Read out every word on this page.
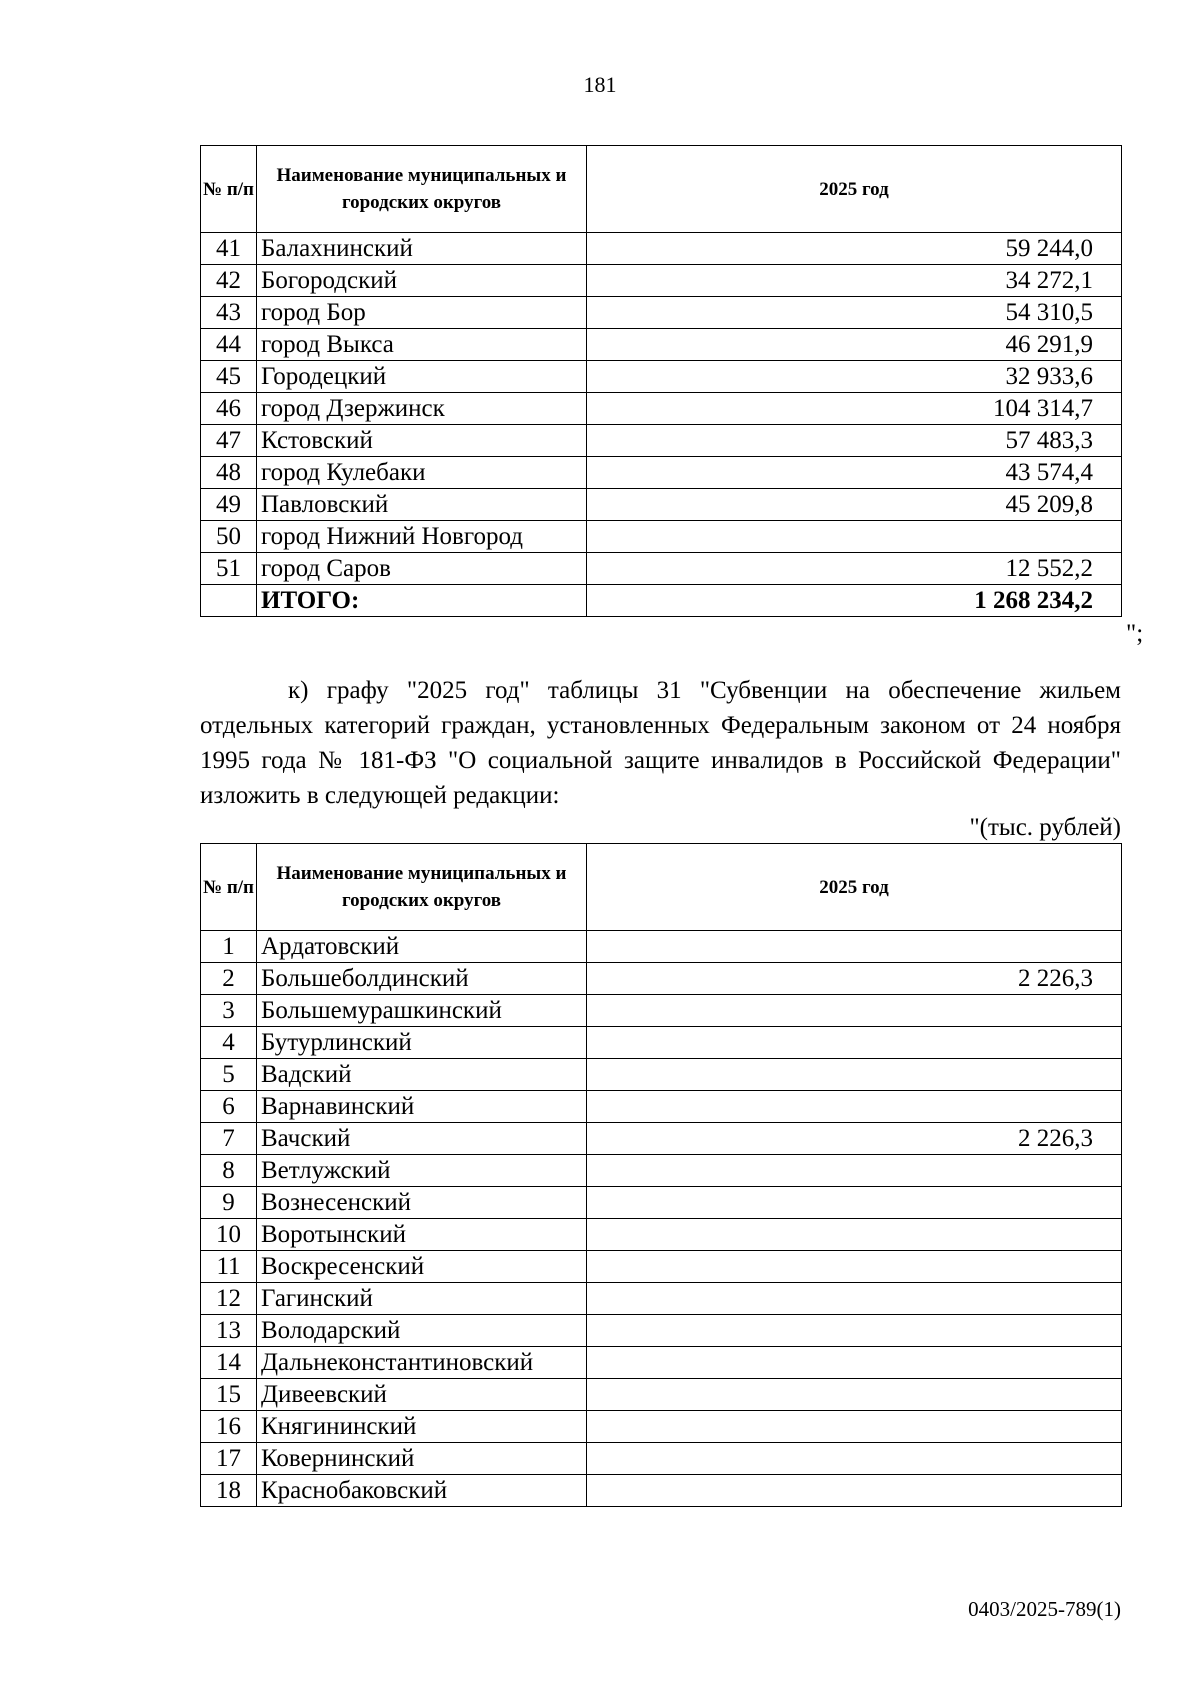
181
№ п/п	Наименование муниципальных и городских округов	2025 год
41	Балахнинский	59 244,0
42	Богородский	34 272,1
43	город Бор	54 310,5
44	город Выкса	46 291,9
45	Городецкий	32 933,6
46	город Дзержинск	104 314,7
47	Кстовский	57 483,3
48	город Кулебаки	43 574,4
49	Павловский	45 209,8
50	город Нижний Новгород	
51	город Саров	12 552,2
	ИТОГО:	1 268 234,2
";

к) графу "2025 год" таблицы 31 "Субвенции на обеспечение жильем отдельных категорий граждан, установленных Федеральным законом от 24 ноября 1995 года № 181-ФЗ "О социальной защите инвалидов в Российской Федерации" изложить в следующей редакции:

"(тыс. рублей)
№ п/п	Наименование муниципальных и городских округов	2025 год
1	Ардатовский	
2	Большеболдинский	2 226,3
3	Большемурашкинский	
4	Бутурлинский	
5	Вадский	
6	Варнавинский	
7	Вачский	2 226,3
8	Ветлужский	
9	Вознесенский	
10	Воротынский	
11	Воскресенский	
12	Гагинский	
13	Володарский	
14	Дальнеконстантиновский	
15	Дивеевский	
16	Княгининский	
17	Ковернинский	
18	Краснобаковский	
0403/2025-789(1)
